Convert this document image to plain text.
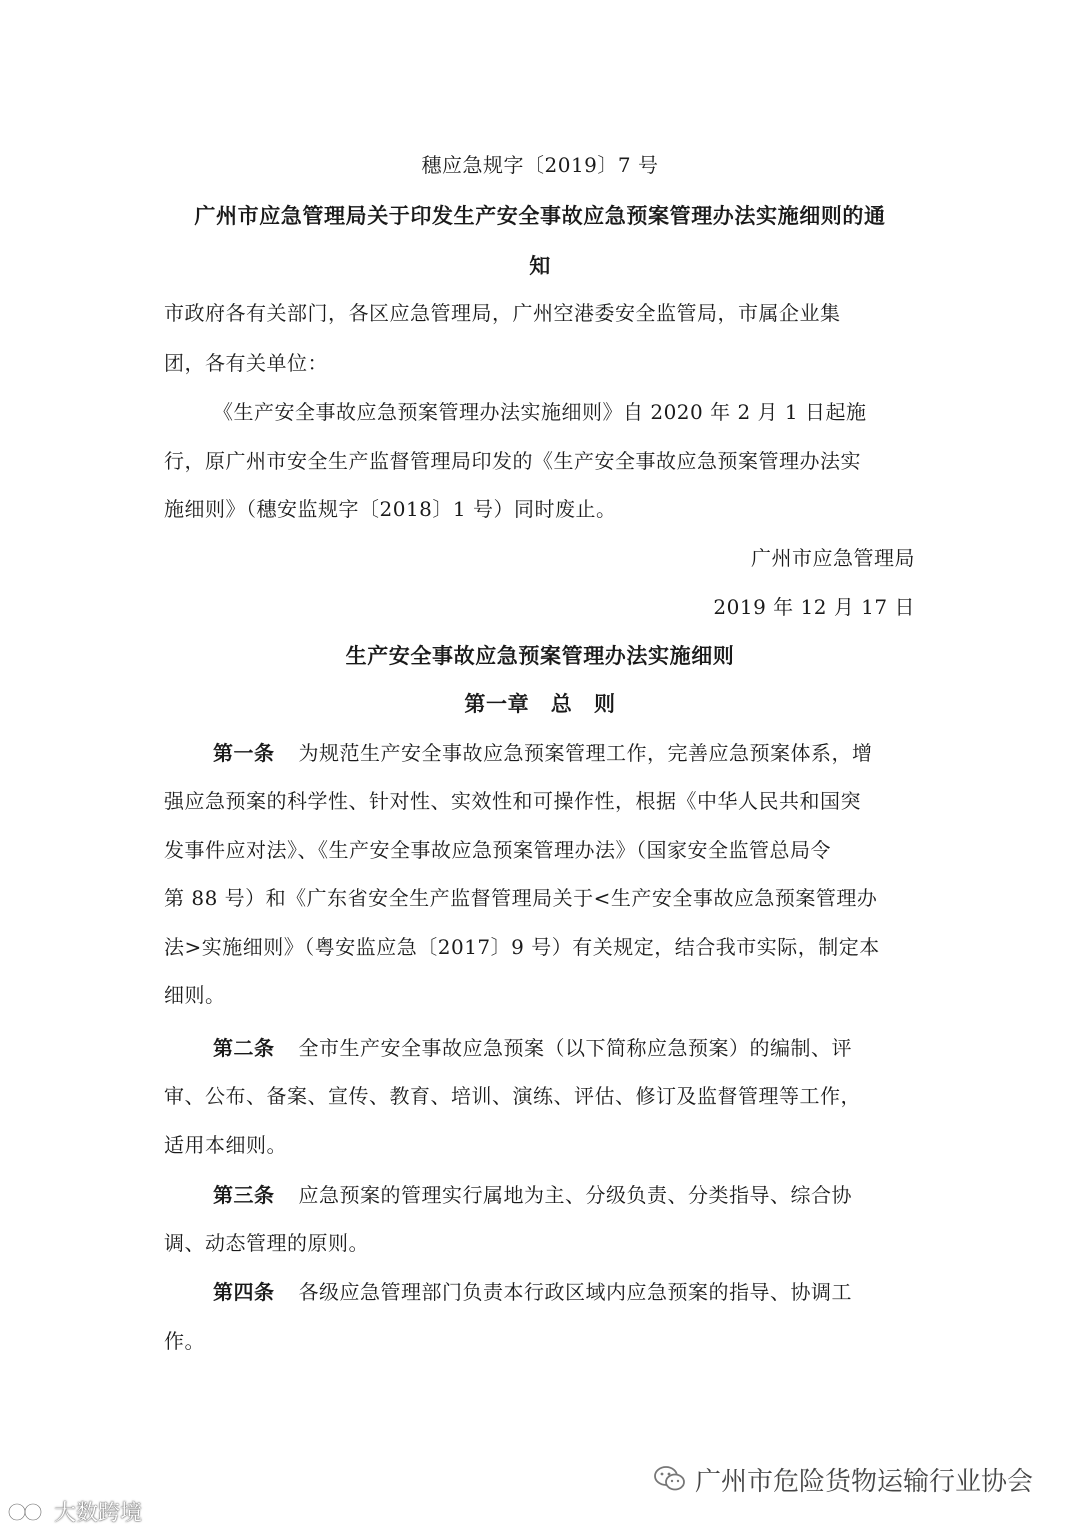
穗应急规字〔2019〕7 号
广州市应急管理局关于印发生产安全事故应急预案管理办法实施细则的通
知
市政府各有关部门，各区应急管理局，广州空港委安全监管局，市属企业集
团，各有关单位：
《生产安全事故应急预案管理办法实施细则》自 2020 年 2 月 1 日起施
行，原广州市安全生产监督管理局印发的《生产安全事故应急预案管理办法实
施细则》（穗安监规字〔2018〕1 号）同时废止。
广州市应急管理局
2019 年 12 月 17 日
生产安全事故应急预案管理办法实施细则
第一章　总　则
第一条 为规范生产安全事故应急预案管理工作，完善应急预案体系，增
强应急预案的科学性、针对性、实效性和可操作性，根据《中华人民共和国突
发事件应对法》、《生产安全事故应急预案管理办法》（国家安全监管总局令
第 88 号）和《广东省安全生产监督管理局关于<生产安全事故应急预案管理办
法>实施细则》（粤安监应急〔2017〕9 号）有关规定，结合我市实际，制定本
细则。
第二条 全市生产安全事故应急预案（以下简称应急预案）的编制、评
审、公布、备案、宣传、教育、培训、演练、评估、修订及监督管理等工作，
适用本细则。
第三条 应急预案的管理实行属地为主、分级负责、分类指导、综合协
调、动态管理的原则。
第四条 各级应急管理部门负责本行政区域内应急预案的指导、协调工
作。
广州市危险货物运输行业协会
大数跨境
